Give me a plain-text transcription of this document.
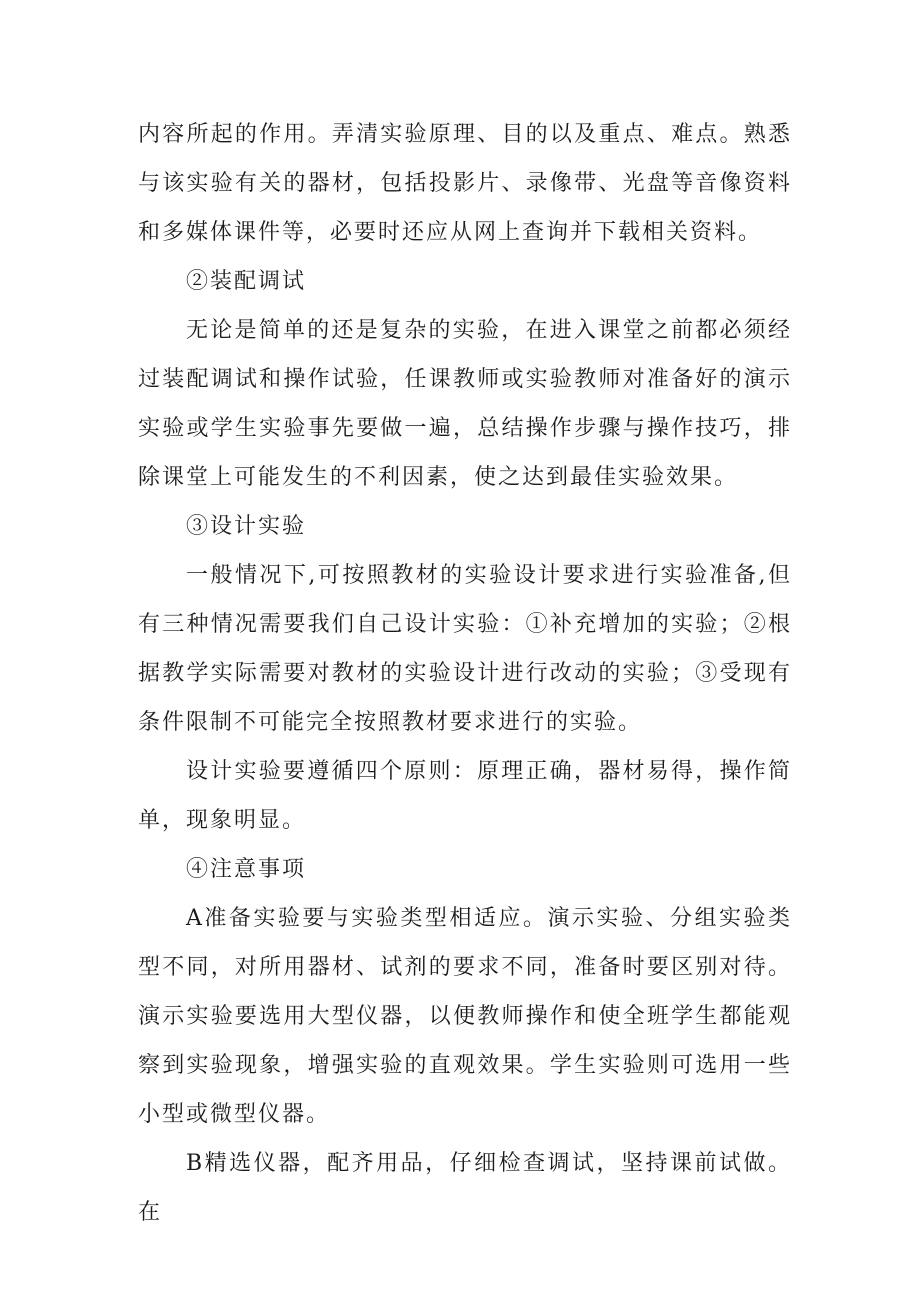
内容所起的作用。弄清实验原理、目的以及重点、难点。熟悉与该实验有关的器材，包括投影片、录像带、光盘等音像资料和多媒体课件等，必要时还应从网上查询并下载相关资料。

②装配调试

无论是简单的还是复杂的实验，在进入课堂之前都必须经过装配调试和操作试验，任课教师或实验教师对准备好的演示实验或学生实验事先要做一遍，总结操作步骤与操作技巧，排除课堂上可能发生的不利因素，使之达到最佳实验效果。

③设计实验

一般情况下,可按照教材的实验设计要求进行实验准备,但有三种情况需要我们自己设计实验：①补充增加的实验；②根据教学实际需要对教材的实验设计进行改动的实验；③受现有条件限制不可能完全按照教材要求进行的实验。

设计实验要遵循四个原则：原理正确，器材易得，操作简单，现象明显。

④注意事项

A准备实验要与实验类型相适应。演示实验、分组实验类型不同，对所用器材、试剂的要求不同，准备时要区别对待。演示实验要选用大型仪器，以便教师操作和使全班学生都能观察到实验现象，增强实验的直观效果。学生实验则可选用一些小型或微型仪器。

B精选仪器，配齐用品，仔细检查调试，坚持课前试做。在
